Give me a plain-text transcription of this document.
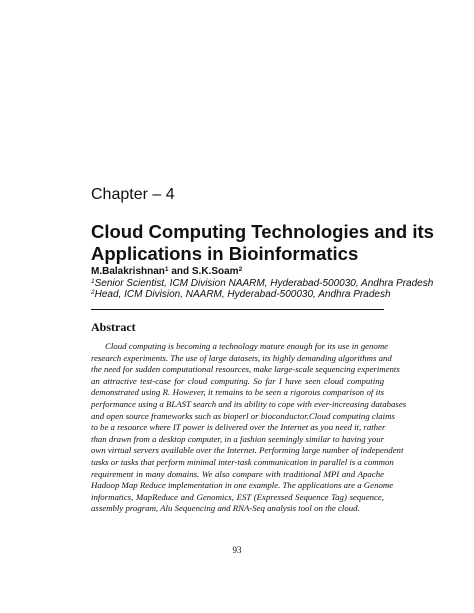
Chapter – 4
Cloud Computing Technologies and its
Applications in Bioinformatics
M.Balakrishnan$^1$ and S.K.Soam$^2$
$^1$Senior Scientist, ICM Division NAARM, Hyderabad-500030, Andhra Pradesh
$^2$Head, ICM Division, NAARM, Hyderabad-500030, Andhra Pradesh
Abstract
Cloud computing is becoming a technology mature enough for its use in genome
research experiments. The use of large datasets, its highly demanding algorithms and
the need for sudden computational resources, make large-scale sequencing experiments
an attractive test-case for cloud computing. So far I have seen cloud computing
demonstrated using R. However, it remains to be seen a rigorous comparison of its
performance using a BLAST search and its ability to cope with ever-increasing databases
and open source frameworks such as bioperl or bioconductor.Cloud computing claims
to be a resource where IT power is delivered over the Internet as you need it, rather
than drawn from a desktop computer, in a fashion seemingly similar to having your
own virtual servers available over the Internet. Performing large number of independent
tasks or tasks that perform minimal inter-task communication in parallel is a common
requirement in many domains. We also compare with traditional MPI and Apache
Hadoop Map Reduce implementation in one example. The applications are a Genome
informatics, MapReduce and Genomics, EST (Expressed Sequence Tag) sequence,
assembly program, Alu Sequencing and RNA-Seq analysis tool on the cloud.
93
